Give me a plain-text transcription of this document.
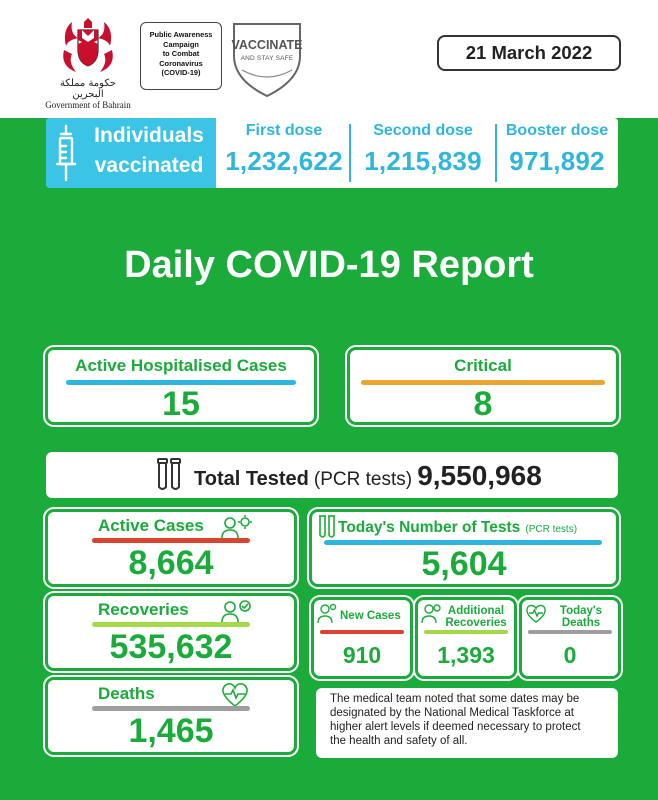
حكومة مملكة البحرين
Government of Bahrain
Public Awareness
Campaign
to Combat
Coronavirus
(COVID-19)
VACCINATE
AND STAY SAFE	21 March 2022
Individuals
vaccinated
First dose
1,232,622
Second dose
1,215,839
Booster dose
971,892
Daily COVID-19 Report
Active Hospitalised Cases
15
Critical
8
Total Tested (PCR tests) 9,550,968
Active Cases
8,664
Recoveries
535,632
Deaths
1,465
Today's Number of Tests (PCR tests)
5,604
New Cases
910
Additional
Recoveries
1,393
Today's
Deaths
0
The medical team noted that some dates may be
designated by the National Medical Taskforce at
higher alert levels if deemed necessary to protect
the health and safety of all.
